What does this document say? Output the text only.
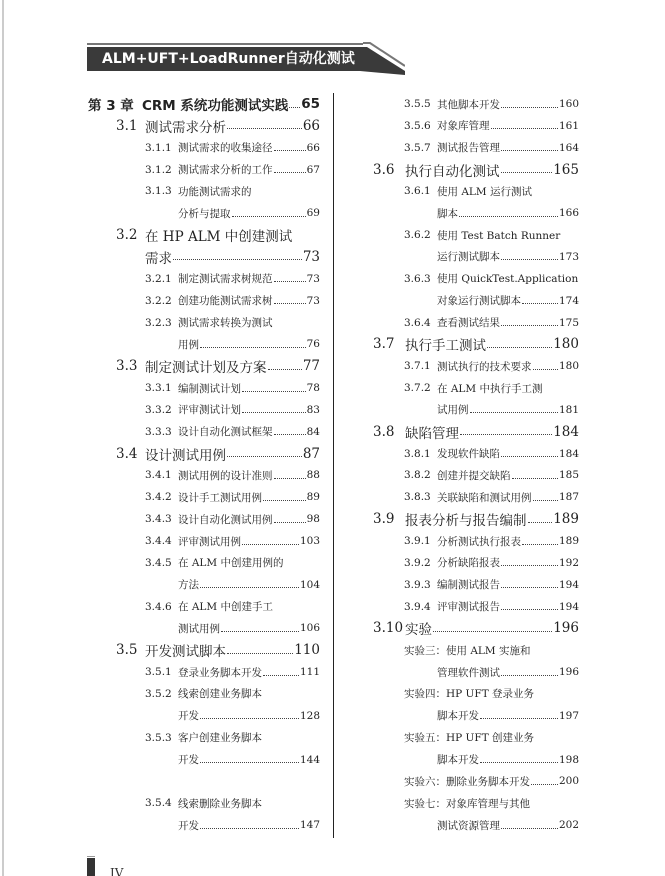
ALM+UFT+LoadRunner自动化测试实战
第 3 章 CRM 系统功能测试实践 65
3.1 测试需求分析	66
3.1.1 测试需求的收集途径	66
3.1.2 测试需求分析的工作	67
3.1.3 功能测试需求的
分析与提取	69
3.2 在 HP ALM 中创建测试
需求	73
3.2.1 制定测试需求树规范	73
3.2.2 创建功能测试需求树	73
3.2.3 测试需求转换为测试
用例	76
3.3 制定测试计划及方案	77
3.3.1 编制测试计划	78
3.3.2 评审测试计划	83
3.3.3 设计自动化测试框架	84
3.4 设计测试用例	87
3.4.1 测试用例的设计准则	88
3.4.2 设计手工测试用例	89
3.4.3 设计自动化测试用例	98
3.4.4 评审测试用例	103
3.4.5 在 ALM 中创建用例的
方法	104
3.4.6 在 ALM 中创建手工
测试用例	106
3.5 开发测试脚本	110
3.5.1 登录业务脚本开发	111
3.5.2 线索创建业务脚本
开发	128
3.5.3 客户创建业务脚本
开发	144
3.5.4 线索删除业务脚本
开发	147
3.5.5 其他脚本开发	160
3.5.6 对象库管理	161
3.5.7 测试报告管理	164
3.6 执行自动化测试	165
3.6.1 使用 ALM 运行测试
脚本	166
3.6.2 使用 Test Batch Runner
运行测试脚本	173
3.6.3 使用 QuickTest.Application
对象运行测试脚本	174
3.6.4 查看测试结果	175
3.7 执行手工测试	180
3.7.1 测试执行的技术要求	180
3.7.2 在 ALM 中执行手工测
试用例	181
3.8 缺陷管理	184
3.8.1 发现软件缺陷	184
3.8.2 创建并提交缺陷	185
3.8.3 关联缺陷和测试用例	187
3.9 报表分析与报告编制 189
3.9.1 分析测试执行报表	189
3.9.2 分析缺陷报表	192
3.9.3 编制测试报告	194
3.9.4 评审测试报告	194
3.10 实验	196
实验三：使用 ALM 实施和
管理软件测试	196
实验四：HP UFT 登录业务
脚本开发	197
实验五：HP UFT 创建业务
脚本开发	198
实验六：删除业务脚本开发	200
实验七：对象库管理与其他
测试资源管理	202
IV
